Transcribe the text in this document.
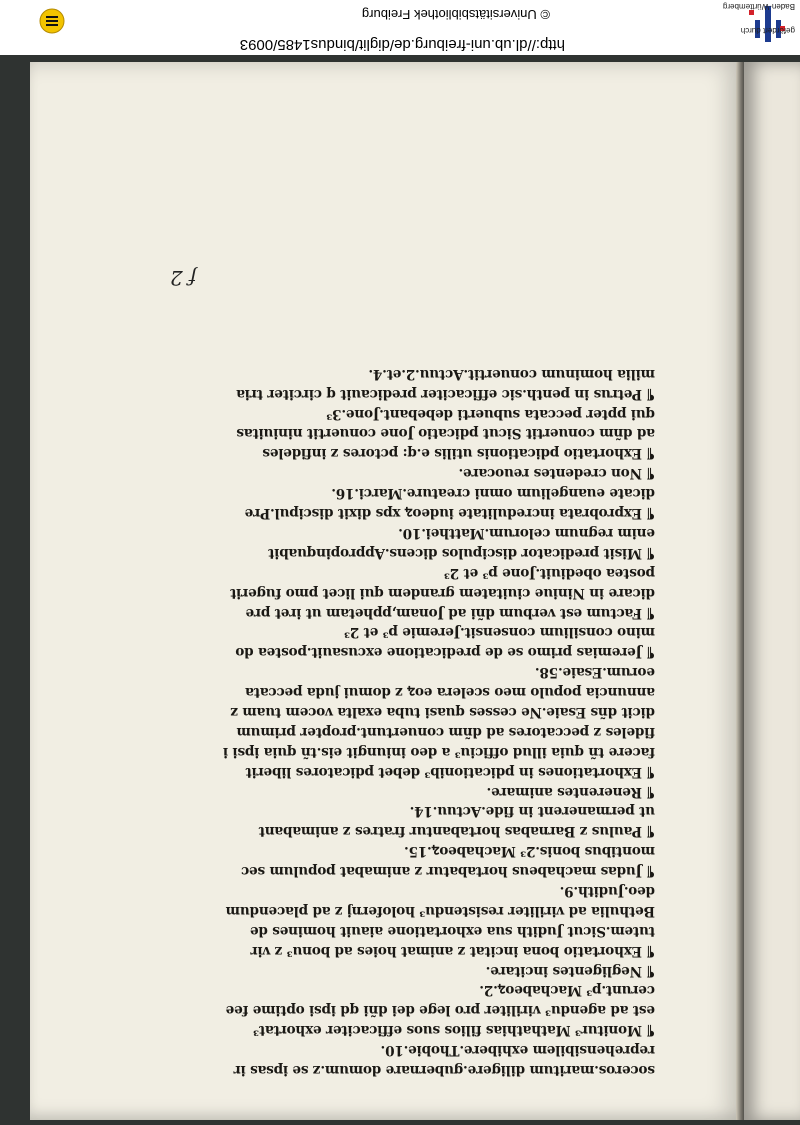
http://dl.ub.uni-freiburg.de/diglit/bindus1485/0093
© Universitätsbibliothek Freiburg
gefördert durch
Baden-Württemberg
f 2
soceros.maritum diligere.gubernare domum.z se ipsas ir
reprehensibilem exhibere.Thobie.10.
¶ Monitur³ Mathathias filios suos efficaciter exhortat³
est ad agendu³ viriliter pro lege dei dñi qd ipsi optime fee
cerunt.p³ Machabeoꝝ.2.
¶ Negligentes incitare.
¶ Exhortatio bona incitat z animat hoies ad bonu³ z vir
tutem.Sicut Judith sua exhortatione aiauit homines de
Bethulia ad viriliter resistendu³ holofernj z ad placendum
deo.Judith.9.
¶ Judas machabeus hortabatur z animabat populum sec
montibus bonis.2³ Machabeoꝝ.15.
¶ Paulus z Barnabas hortabantur fratres z animabant
ut permanerent in fide.Actuu.14.
¶ Renerentes animare.
¶ Exhortationes in pdicationib³ debet pdicatores liberit
facere tñ quia illud officiu³ a deo iniungit eis.tñ quia ipsi i
fideles z peccatores ad dñm conuertunt.propter primum
dicit dñs Esaie.Ne cesses quasi tuba exalta vocem tuam z
annuncia populo meo scelera eoꝝ z domui juda peccata
eorum.Esaie.58.
¶ Jeremias primo se de predicatione excusauit.postea do
mino consilium consensit.Jeremie p³ et 2³
¶ Factum est verbum dñi ad Jonam,pphetam ut iret pre
dicare in Niniue ciuitatem grandem qui licet pmo fugerit
postea obediuit.Jone p³ et 2³
¶ Misit predicator discipulos dicens.Appropinquabit
enim regnum celorum.Matthei.10.
¶ Exprobrata incredulitate iudeoꝝ xps dixit discipul.Pre
dicate euangelium omni creature.Marci.16.
¶ Non credentes reuocare.
¶ Exhortatio pdicationis utilis e.q: pctores z infideles
ad dñm conuertit Sicut pdicatio Jone conuertit niniuitas
qui ppter peccata subuerti debebant.Jone.3³
¶ Petrus in penth.sic efficaciter predicauit q circiter tria
milia hominum conuertit.Actuu.2.et.4.
